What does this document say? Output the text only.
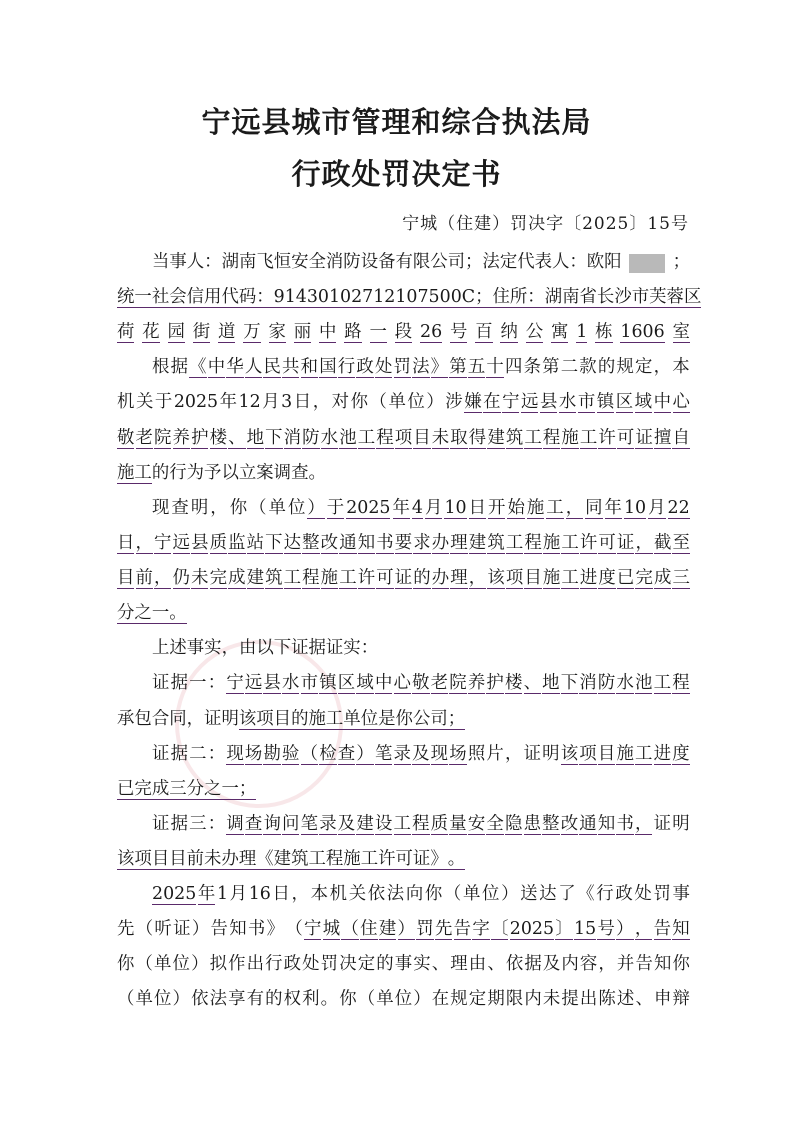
宁远县城市管理和综合执法局
行政处罚决定书
宁城（住建）罚决字〔2025〕15号
当事人：湖南飞恒安全消防设备有限公司；法定代表人：欧阳	；
统 一 社 会 信 用 代 码 ： 91430102712107500C ； 住 所 ： 湖 南 省 长 沙 市 芙 蓉 区
荷 花 园 街 道 万 家 丽 中 路 一 段 26 号 百 纳 公 寓 1 栋 1606 室
根 据 《 中 华 人 民 共 和 国 行 政 处 罚 法 》 第 五 十 四 条 第 二 款 的 规 定 ， 本
机 关 于 2025 年 12 月 3 日 ， 对 你 （ 单 位 ） 涉 嫌 在 宁 远 县 水 市 镇 区 域 中 心
敬 老 院 养 护 楼 、 地 下 消 防 水 池 工 程 项 目 未 取 得 建 筑 工 程 施 工 许 可 证 擅 自
施 工 的 行 为 予 以 立 案 调 查 。
现 查 明 ， 你 （ 单 位 ） 于 2025 年 4 月 10 日 开 始 施 工 ， 同 年 10 月 22
日 ， 宁 远 县 质 监 站 下 达 整 改 通 知 书 要 求 办 理 建 筑 工 程 施 工 许 可 证 ， 截 至
目 前 ， 仍 未 完 成 建 筑 工 程 施 工 许 可 证 的 办 理 ， 该 项 目 施 工 进 度 已 完 成 三
分 之 一 。
上述事实，由以下证据证实：
证 据 一 ： 宁 远 县 水 市 镇 区 域 中 心 敬 老 院 养 护 楼 、 地 下 消 防 水 池 工 程
承 包 合 同 ， 证 明 该 项 目 的 施 工 单 位 是 你 公 司 ；
证 据 二 ： 现 场 勘 验 （ 检 查 ） 笔 录 及 现 场 照 片 ， 证 明 该 项 目 施 工 进 度
已 完 成 三 分 之 一 ；
证 据 三 ： 调 查 询 问 笔 录 及 建 设 工 程 质 量 安 全 隐 患 整 改 通 知 书 ， 证 明
该 项 目 目 前 未 办 理 《 建 筑 工 程 施 工 许 可 证 》 。
2025 年 1 月 16 日 ， 本 机 关 依 法 向 你 （ 单 位 ） 送 达 了 《 行 政 处 罚 事
先 （ 听 证 ） 告 知 书 》 （ 宁 城 （ 住 建 ） 罚 先 告 字 〔 2025 〕 15 号 ） ， 告 知
你 （ 单 位 ） 拟 作 出 行 政 处 罚 决 定 的 事 实 、 理 由 、 依 据 及 内 容 ， 并 告 知 你
（ 单 位 ） 依 法 享 有 的 权 利 。 你 （ 单 位 ） 在 规 定 期 限 内 未 提 出 陈 述 、 申 辩
